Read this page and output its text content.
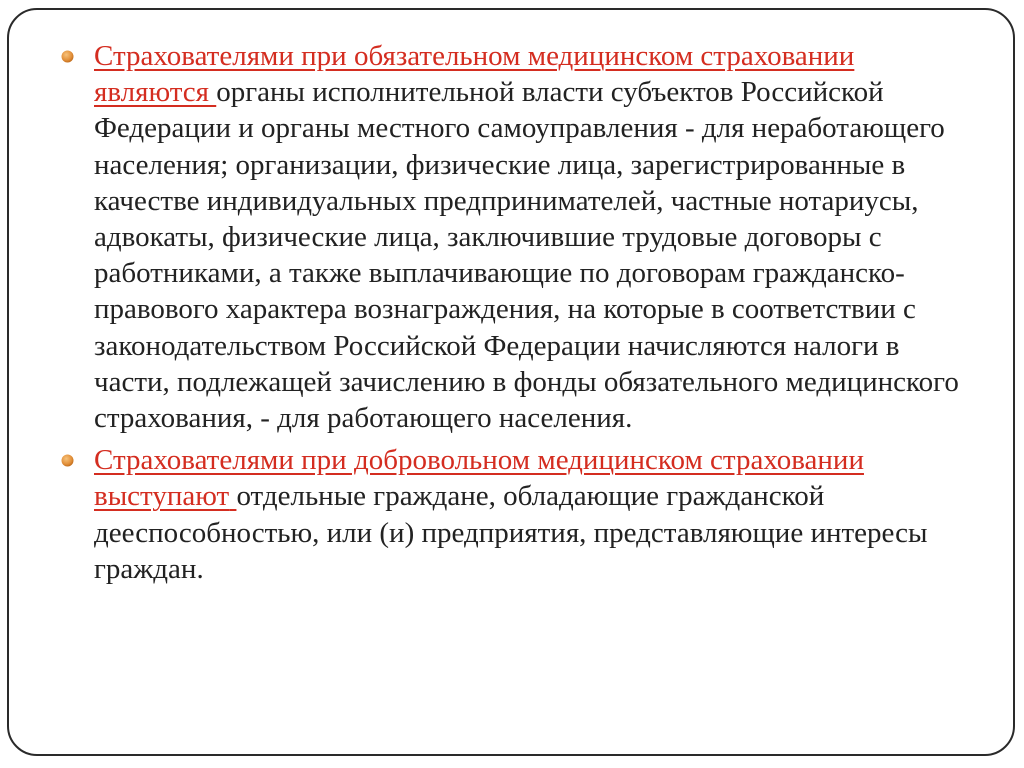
Страхователями при обязательном медицинском страховании являются органы исполнительной власти субъектов Российской Федерации и органы местного самоуправления - для неработающего населения; организации, физические лица, зарегистрированные в качестве индивидуальных предпринимателей, частные нотариусы, адвокаты, физические лица, заключившие трудовые договоры с работниками, а также выплачивающие по договорам гражданско-правового характера вознаграждения, на которые в соответствии с законодательством Российской Федерации начисляются налоги в части, подлежащей зачислению в фонды обязательного медицинского страхования, - для работающего населения.

Страхователями при добровольном медицинском страховании выступают отдельные граждане, обладающие гражданской дееспособностью, или (и) предприятия, представляющие интересы граждан.
